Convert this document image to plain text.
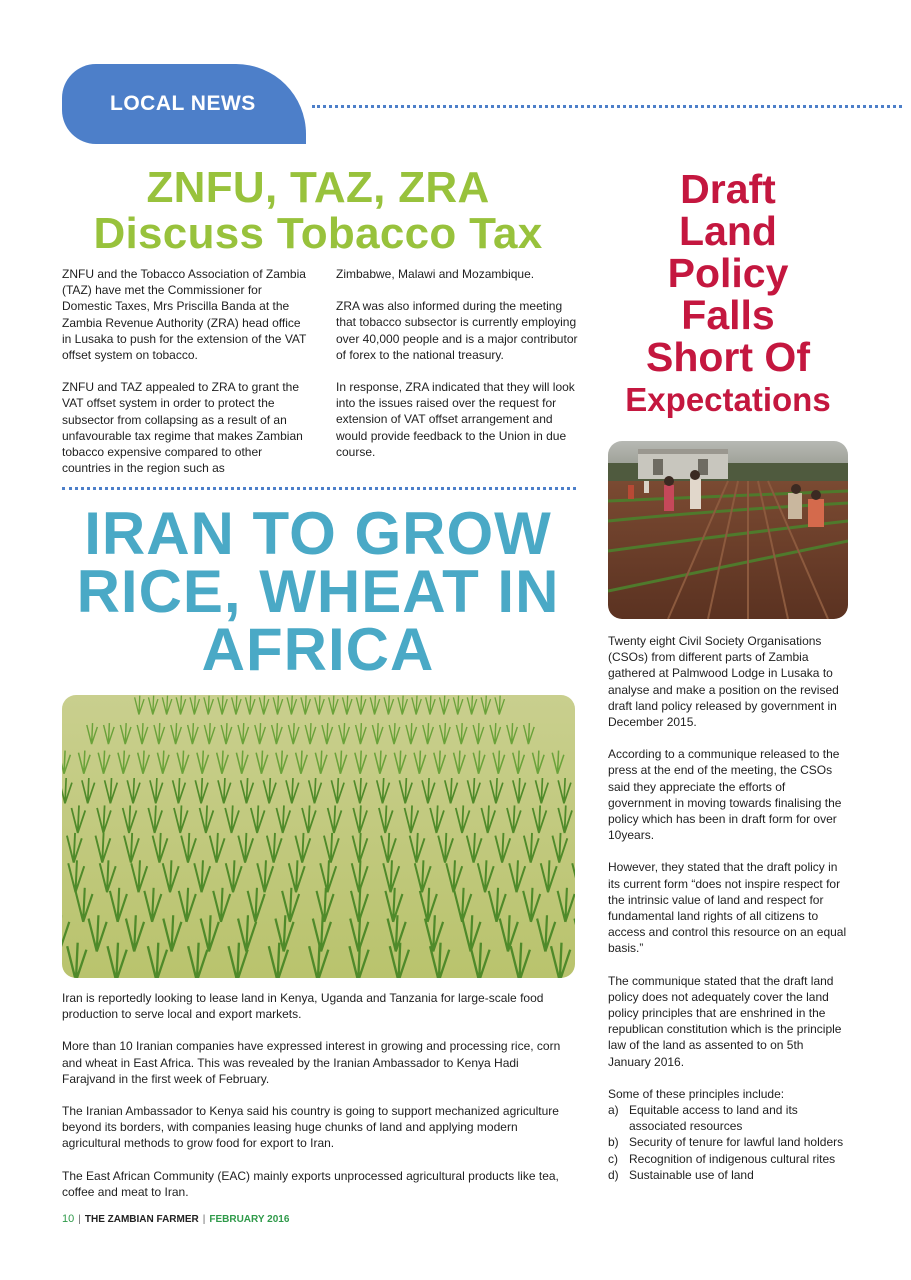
LOCAL NEWS
ZNFU, TAZ, ZRA
Discuss Tobacco Tax

ZNFU and the Tobacco Association of Zambia (TAZ) have met the Commissioner for Domestic Taxes, Mrs Priscilla Banda at the Zambia Revenue Authority (ZRA) head office in Lusaka to push for the extension of the VAT offset system on tobacco.

ZNFU and TAZ appealed to ZRA to grant the VAT offset system in order to protect the subsector from collapsing as a result of an unfavourable tax regime that makes Zambian tobacco expensive compared to other countries in the region such as

Zimbabwe, Malawi and Mozambique.

ZRA was also informed during the meeting that tobacco subsector is currently employing over 40,000 people and is a major contributor of forex to the national treasury.

In response, ZRA indicated that they will look into the issues raised over the request for extension of VAT offset arrangement and would provide feedback to the Union in due course.

IRAN TO GROW
RICE, WHEAT IN
AFRICA

Iran is reportedly looking to lease land in Kenya, Uganda and Tanzania for large-scale food production to serve local and export markets.

More than 10 Iranian companies have expressed interest in growing and processing rice, corn and wheat in East Africa. This was revealed by the Iranian Ambassador to Kenya Hadi Farajvand in the first week of February.

The Iranian Ambassador to Kenya said his country is going to support mechanized agriculture beyond its borders, with companies leasing huge chunks of land and applying modern agricultural methods to grow food for export to Iran.

The East African Community (EAC) mainly exports unprocessed agricultural products like tea, coffee and meat to Iran.

Draft
Land
Policy
Falls
Short Of
Expectations

Twenty eight Civil Society Organisations (CSOs) from different parts of Zambia gathered at Palmwood Lodge in Lusaka to analyse and make a position on the revised draft land policy released by government in December 2015.

According to a communique released to the press at the end of the meeting, the CSOs said they appreciate the efforts of government in moving towards finalising the policy which has been in draft form for over 10years.

However, they stated that the draft policy in its current form “does not inspire respect for the intrinsic value of land and respect for fundamental land rights of all citizens to access and control this resource on an equal basis.”

The communique stated that the draft land policy does not adequately cover the land policy principles that are enshrined in the republican constitution which is the principle law of the land as assented to on 5th January 2016.

Some of these principles include:

a) Equitable access to land and its associated resources
b) Security of tenure for lawful land holders
c) Recognition of indigenous cultural rites
d) Sustainable use of land
10 | THE ZAMBIAN FARMER | FEBRUARY 2016
